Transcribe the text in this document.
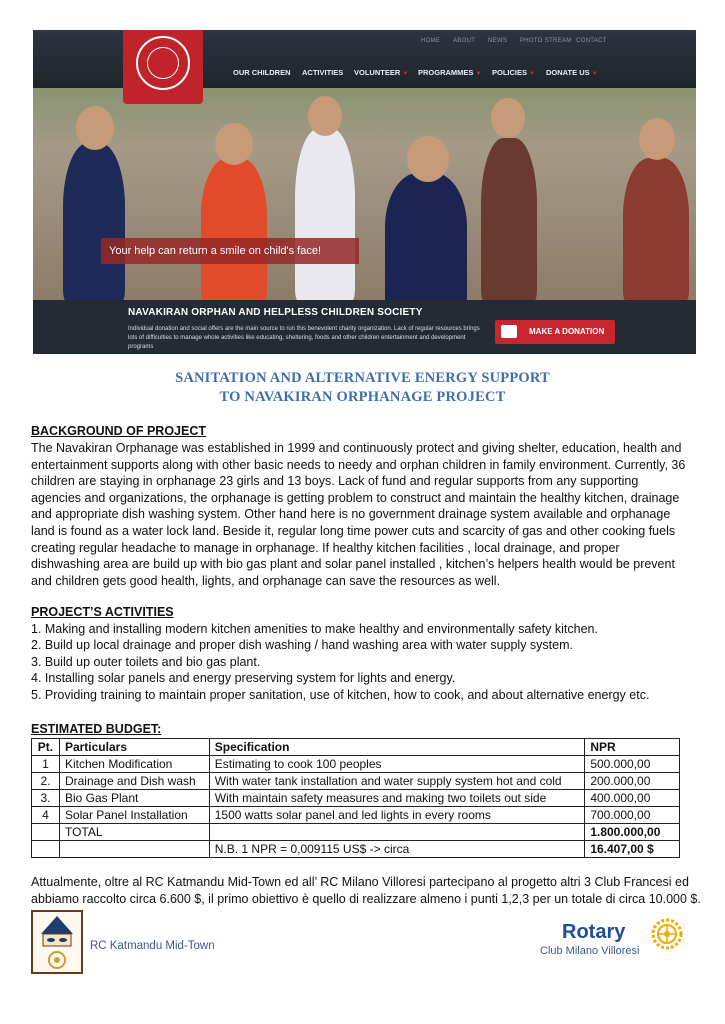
HOME ABOUT NEWS PHOTO STREAM CONTACT
OUR CHILDREN ACTIVITIES VOLUNTEER ▼ PROGRAMMES ▼ POLICIES ▼ DONATE US ▼
Your help can return a smile on child's face!
NAVAKIRAN ORPHAN AND HELPLESS CHILDREN SOCIETY
Individual donation and social offers are the main source to run this benevolent charity organization. Lack of regular resources brings lots of difficulties to manage whole activities like educating, sheltering, foods and other children entertainment and development programs
MAKE A DONATION
SANITATION AND ALTERNATIVE ENERGY SUPPORT
TO NAVAKIRAN ORPHANAGE PROJECT
BACKGROUND OF PROJECT
The Navakiran Orphanage was established in 1999 and continuously protect and giving shelter, education, health and entertainment supports along with other basic needs to needy and orphan children in family environment. Currently, 36 children are staying in orphanage 23 girls and 13 boys. Lack of fund and regular supports from any supporting agencies and organizations, the orphanage is getting problem to construct and maintain the healthy kitchen, drainage and appropriate dish washing system. Other hand here is no government drainage system available and orphanage land is found as a water lock land. Beside it, regular long time power cuts and scarcity of gas and other cooking fuels creating regular headache to manage in orphanage. If healthy kitchen facilities , local drainage, and proper dishwashing area are build up with bio gas plant and solar panel installed , kitchen’s helpers health would be prevent and children gets good health, lights, and orphanage can save the resources as well.
PROJECT’S ACTIVITIES
1. Making and installing modern kitchen amenities to make healthy and environmentally safety kitchen.
2. Build up local drainage and proper dish washing / hand washing area with water supply system.
3. Build up outer toilets and bio gas plant.
4. Installing solar panels and energy preserving system for lights and energy.
5. Providing training to maintain proper sanitation, use of kitchen, how to cook, and about alternative energy etc.
ESTIMATED BUDGET:
Pt.	Particulars	Specification	NPR
1	Kitchen Modification	Estimating to cook 100 peoples	500.000,00
2.	Drainage and Dish wash	With water tank installation and water supply system hot and cold	200.000,00
3.	Bio Gas Plant	With maintain safety measures and making two toilets out side	400.000,00
4	Solar Panel Installation	1500 watts solar panel and led lights in every rooms	700.000,00
	TOTAL		1.800.000,00
		N.B. 1 NPR = 0,009115 US$ -> circa	16.407,00 $
Attualmente, oltre al RC Katmandu Mid-Town ed all’ RC Milano Villoresi partecipano al progetto altri 3 Club Francesi ed abbiamo raccolto circa 6.600 $, il primo obiettivo è quello di realizzare almeno i punti 1,2,3 per un totale di circa 10.000 $.
RC Katmandu Mid-Town
Rotary
Club Milano Villoresi
